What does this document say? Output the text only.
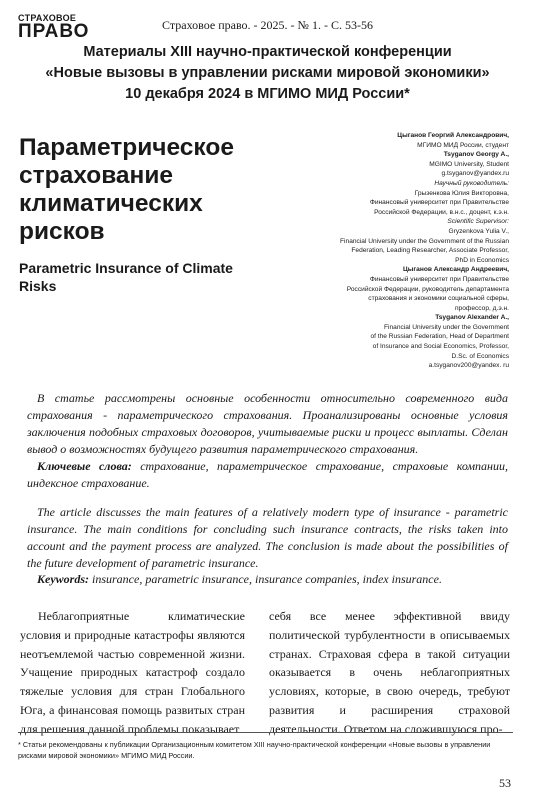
СТРАХОВОЕ
ПРАВО	Страховое право. - 2025. - № 1. - С. 53-56
Материалы XIII научно-практической конференции
«Новые вызовы в управлении рисками мировой экономики»
10 декабря 2024 в МГИМО МИД России*
Параметрическое страхование климатических рисков
Parametric Insurance of Climate Risks
Цыганов Георгий Александрович,
МГИМО МИД России, студент
Tsyganov Georgy A.,
MGIMO University, Student
g.tsyganov@yandex.ru
Научный руководитель:
Грызенкова Юлия Викторовна,
Финансовый университет при Правительстве
Российской Федерации, в.н.с., доцент, к.э.н.
Scientific Supervisor:
Gryzenkova Yulia V.,
Financial University under the Government of the Russian
Federation, Leading Researcher, Associate Professor,
PhD in Economics
Цыганов Александр Андреевич,
Финансовый университет при Правительстве
Российской Федерации, руководитель департамента
страхования и экономики социальной сферы,
профессор, д.э.н.
Tsyganov Alexander A.,
Financial University under the Government
of the Russian Federation, Head of Department
of Insurance and Social Economics, Professor,
D.Sc. of Economics
a.tsyganov200@yandex. ru
В статье рассмотрены основные особенности относительно современного вида страхования - параметрического страхования. Проанализированы основные условия заключения подобных страховых договоров, учитываемые риски и процесс выплаты. Сделан вывод о возможностях будущего развития параметрического страхования.
Ключевые слова: страхование, параметрическое страхование, страховые компании, индексное страхование.
The article discusses the main features of a relatively modern type of insurance - parametric insurance. The main conditions for concluding such insurance contracts, the risks taken into account and the payment process are analyzed. The conclusion is made about the possibilities of the future development of parametric insurance.
Keywords: insurance, parametric insurance, insurance companies, index insurance.
Неблагоприятные климатические условия и природные катастрофы являются неотъемлемой частью современной жизни. Учащение природных катастроф создало тяжелые условия для стран Глобального Юга, а финансовая помощь развитых стран для решения данной проблемы показывает
себя все менее эффективной ввиду политической турбулентности в описываемых странах. Страховая сфера в такой ситуации оказывается в очень неблагоприятных условиях, которые, в свою очередь, требуют развития и расширения страховой деятельности. Ответом на сложившуюся про-
* Статьи рекомендованы к публикации Организационным комитетом XIII научно-практической конференции «Новые вызовы в управлении рисками мировой экономики» МГИМО МИД России.
53
